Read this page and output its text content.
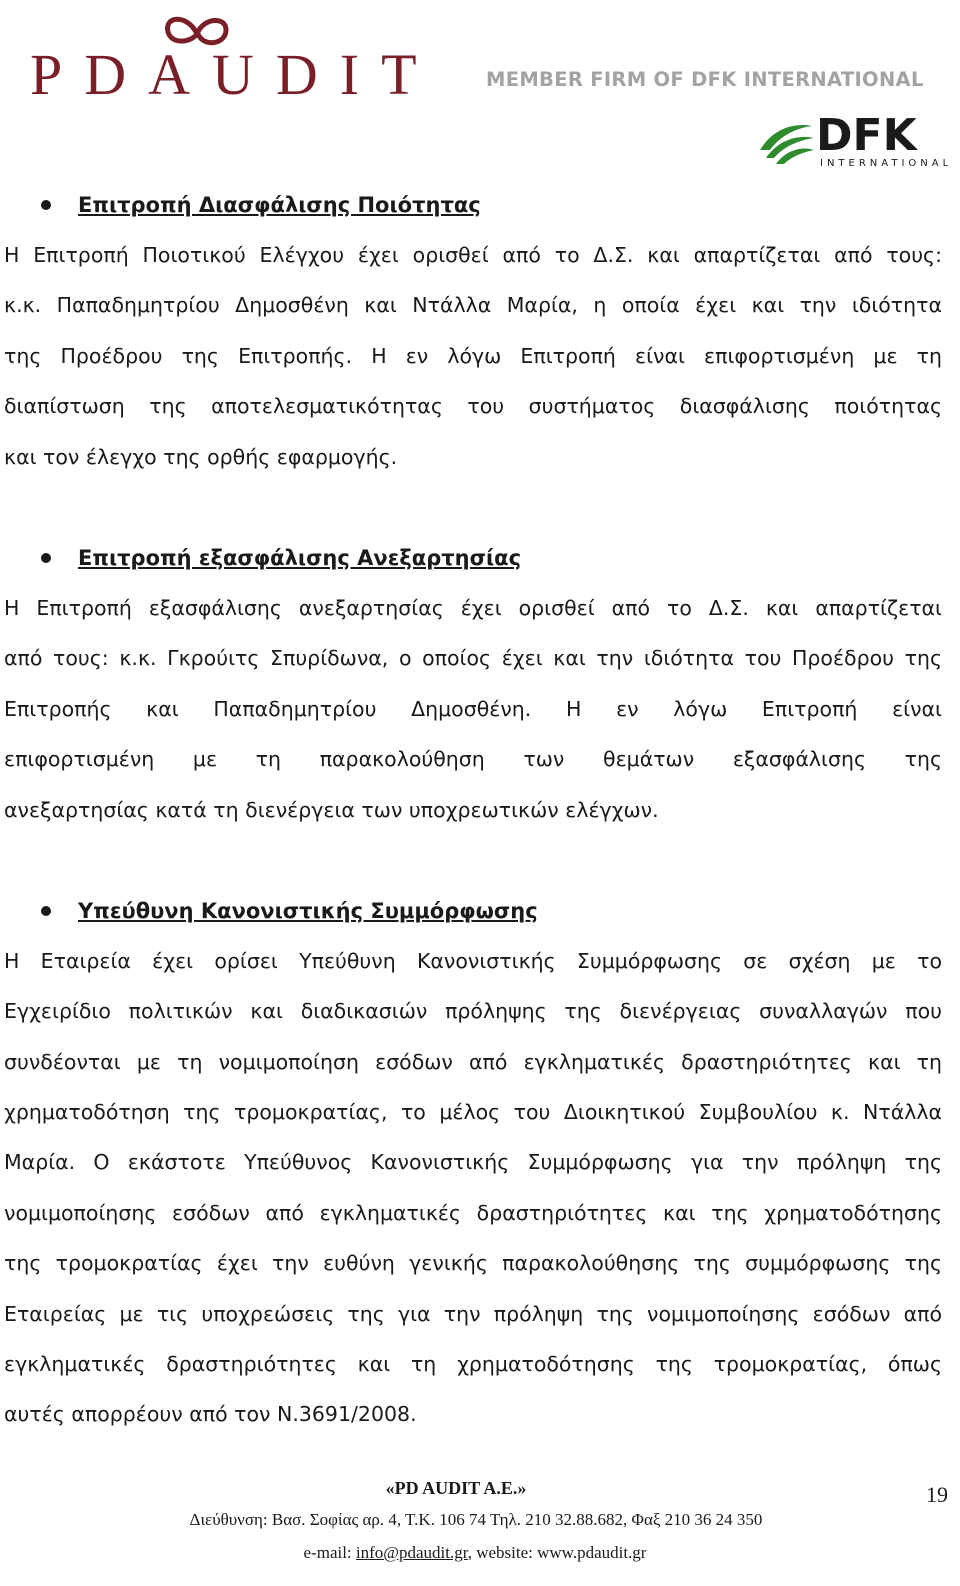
PDAUDIT MEMBER FIRM OF DFK INTERNATIONAL
DFK
INTERNATIONAL
Επιτροπή Διασφάλισης Ποιότητας
Η Επιτροπή Ποιοτικού Ελέγχου έχει ορισθεί από το Δ.Σ. και απαρτίζεται από τους:
κ.κ. Παπαδημητρίου Δημοσθένη και Ντάλλα Μαρία, η οποία έχει και την ιδιότητα
της Προέδρου της Επιτροπής. Η εν λόγω Επιτροπή είναι επιφορτισμένη με τη
διαπίστωση της αποτελεσματικότητας του συστήματος διασφάλισης ποιότητας
και τον έλεγχο της ορθής εφαρμογής.
Επιτροπή εξασφάλισης Ανεξαρτησίας
Η Επιτροπή εξασφάλισης ανεξαρτησίας έχει ορισθεί από το Δ.Σ. και απαρτίζεται
από τους: κ.κ. Γκρούιτς Σπυρίδωνα, ο οποίος έχει και την ιδιότητα του Προέδρου της
Επιτροπής και Παπαδημητρίου Δημοσθένη. Η εν λόγω Επιτροπή είναι
επιφορτισμένη με τη παρακολούθηση των θεμάτων εξασφάλισης της
ανεξαρτησίας κατά τη διενέργεια των υποχρεωτικών ελέγχων.
Υπεύθυνη Κανονιστικής Συμμόρφωσης
Η Εταιρεία έχει ορίσει Υπεύθυνη Κανονιστικής Συμμόρφωσης σε σχέση με το
Εγχειρίδιο πολιτικών και διαδικασιών πρόληψης της διενέργειας συναλλαγών που
συνδέονται με τη νομιμοποίηση εσόδων από εγκληματικές δραστηριότητες και τη
χρηματοδότηση της τρομοκρατίας, το μέλος του Διοικητικού Συμβουλίου κ. Ντάλλα
Μαρία. Ο εκάστοτε Υπεύθυνος Κανονιστικής Συμμόρφωσης για την πρόληψη της
νομιμοποίησης εσόδων από εγκληματικές δραστηριότητες και της χρηματοδότησης
της τρομοκρατίας έχει την ευθύνη γενικής παρακολούθησης της συμμόρφωσης της
Εταιρείας με τις υποχρεώσεις της για την πρόληψη της νομιμοποίησης εσόδων από
εγκληματικές δραστηριότητες και τη χρηματοδότησης της τρομοκρατίας, όπως
αυτές απορρέουν από τον Ν.3691/2008.
«PD AUDIT A.E.»	19
Διεύθυνση: Βασ. Σοφίας αρ. 4, Τ.Κ. 106 74 Τηλ. 210 32.88.682, Φαξ 210 36 24 350
e-mail: info@pdaudit.gr, website: www.pdaudit.gr
